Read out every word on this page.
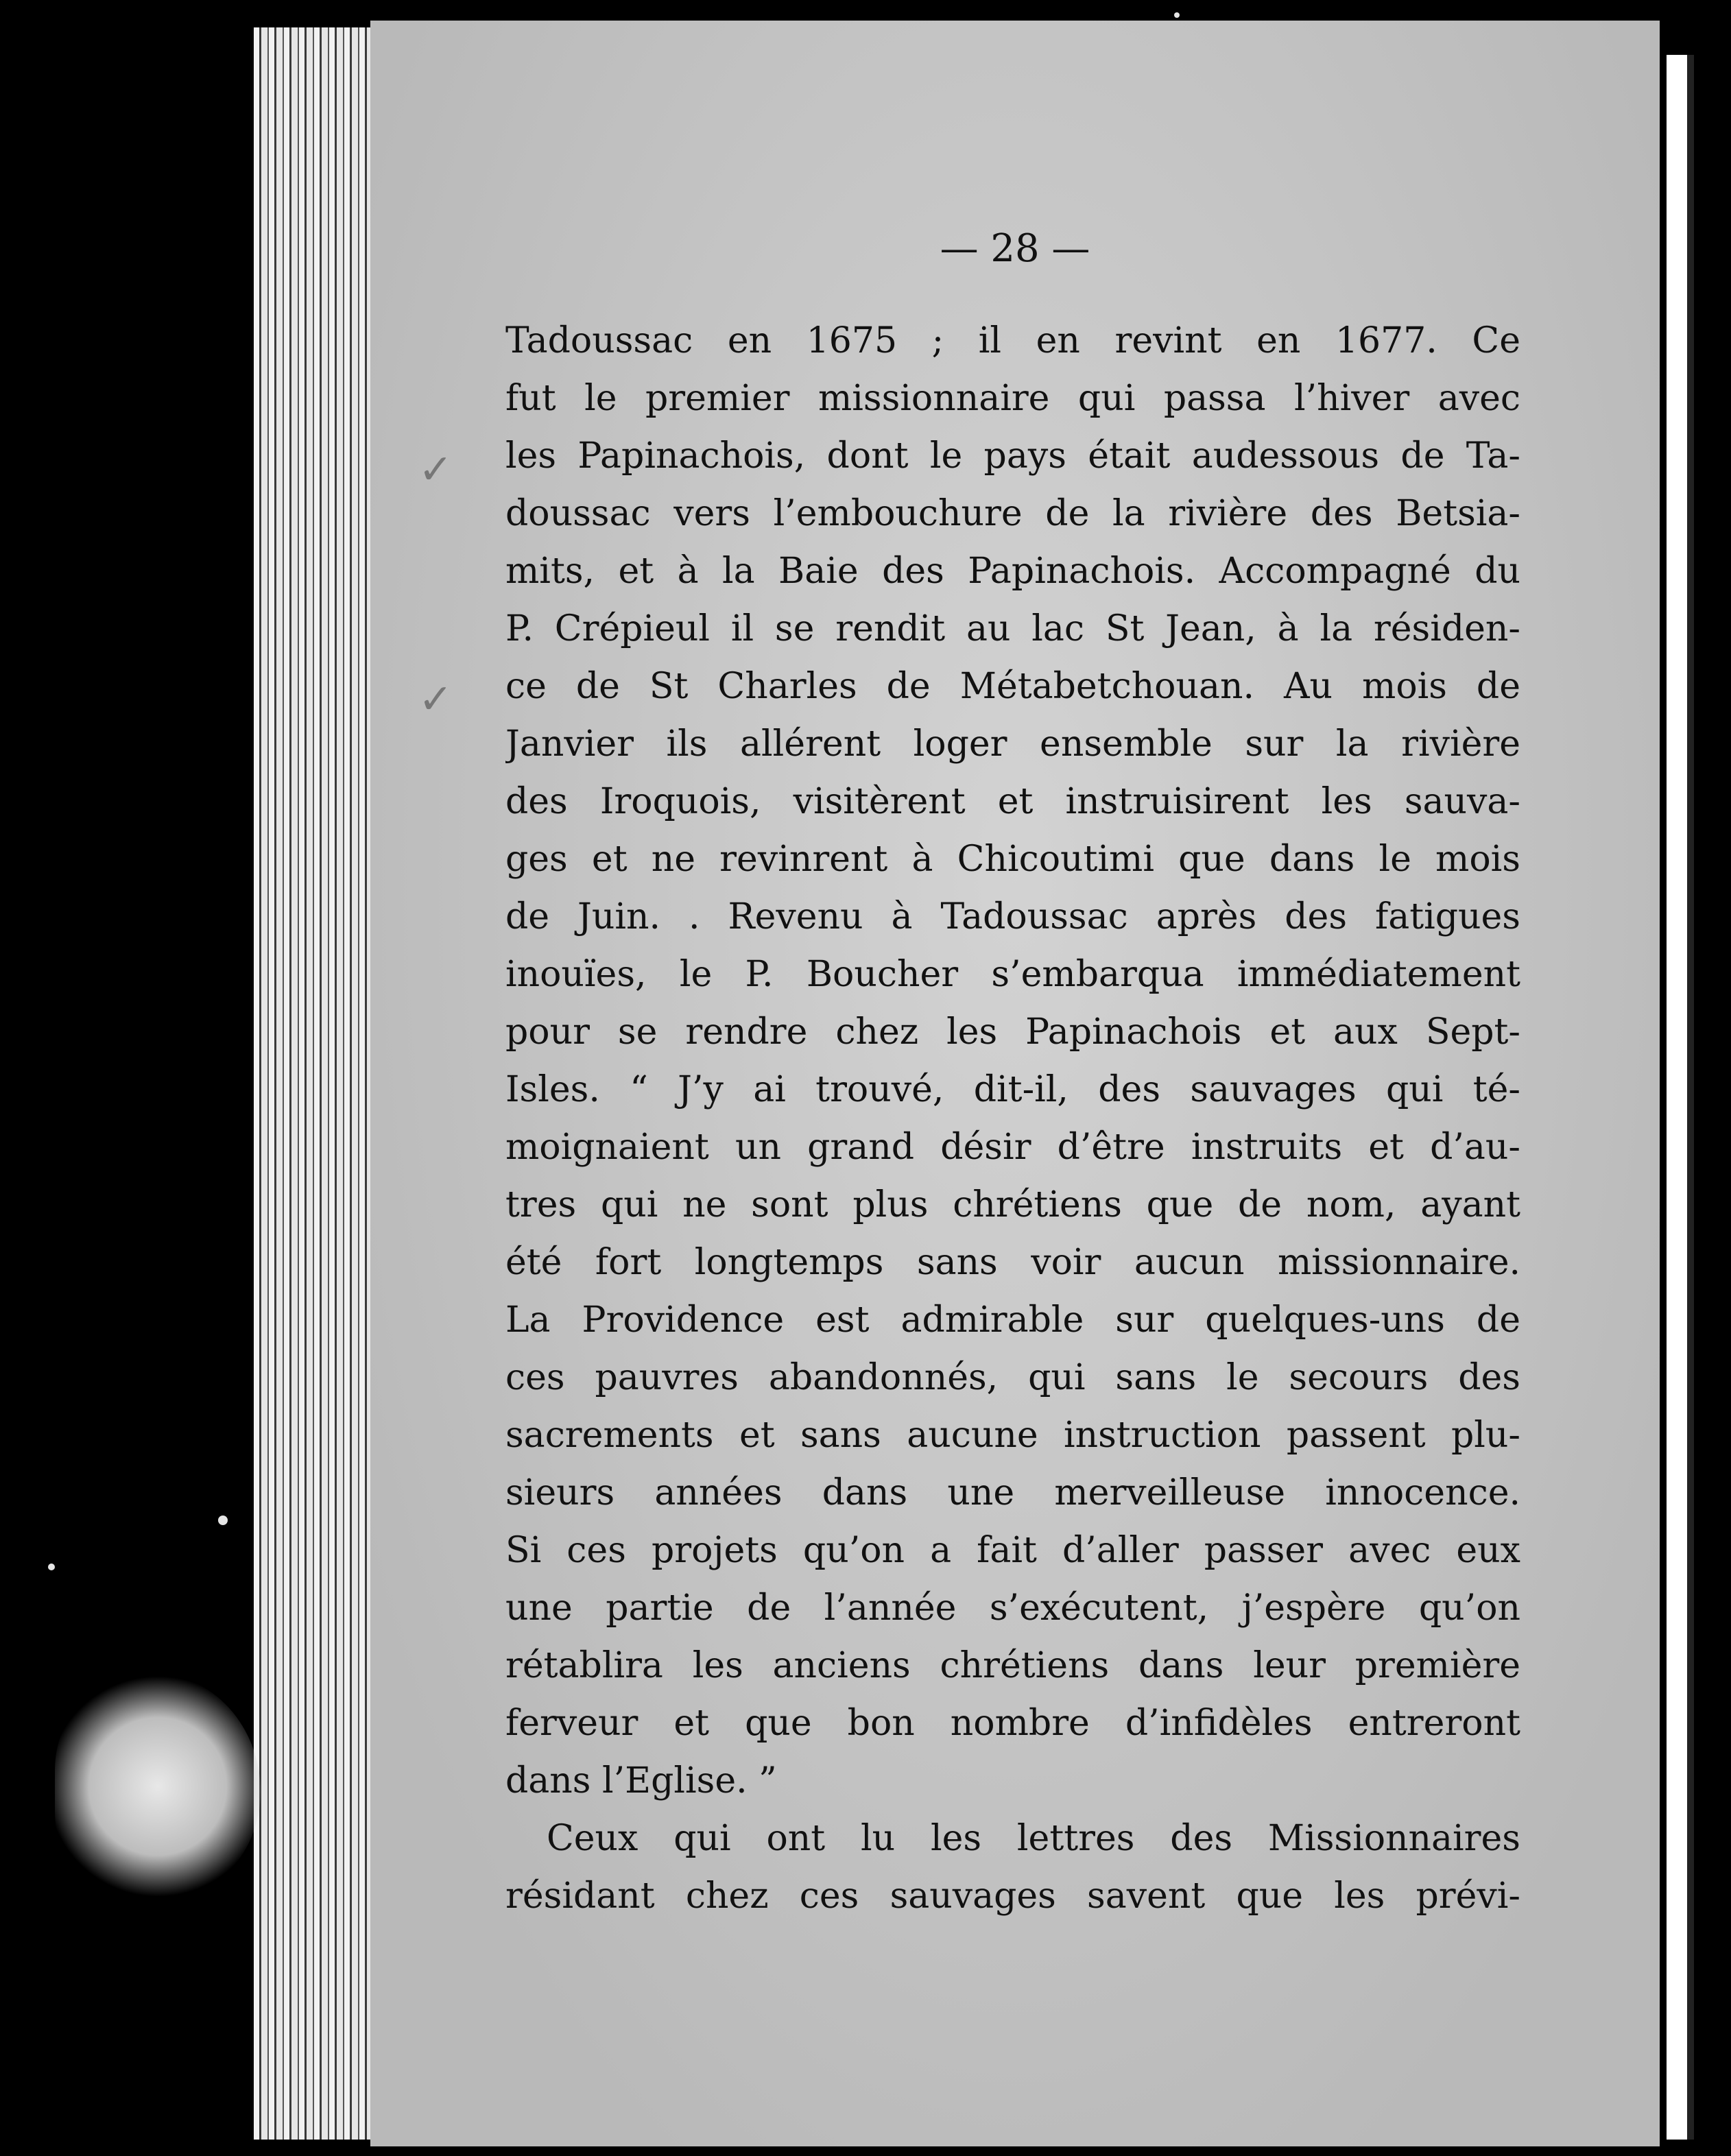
— 28 —
✓
✓
Tadoussac en 1675 ; il en revint en 1677. Ce
fut le premier missionnaire qui passa l’hiver avec
les Papinachois, dont le pays était audessous de Ta-
doussac vers l’embouchure de la rivière des Betsia-
mits, et à la Baie des Papinachois. Accompagné du
P. Crépieul il se rendit au lac St Jean, à la résiden-
ce de St Charles de Métabetchouan. Au mois de
Janvier ils allérent loger ensemble sur la rivière
des Iroquois, visitèrent et instruisirent les sauva-
ges et ne revinrent à Chicoutimi que dans le mois
de Juin. . Revenu à Tadoussac après des fatigues
inouïes, le P. Boucher s’embarqua immédiatement
pour se rendre chez les Papinachois et aux Sept-
Isles. “ J’y ai trouvé, dit-il, des sauvages qui té-
moignaient un grand désir d’être instruits et d’au-
tres qui ne sont plus chrétiens que de nom, ayant
été fort longtemps sans voir aucun missionnaire.
La Providence est admirable sur quelques-uns de
ces pauvres abandonnés, qui sans le secours des
sacrements et sans aucune instruction passent plu-
sieurs années dans une merveilleuse innocence.
Si ces projets qu’on a fait d’aller passer avec eux
une partie de l’année s’exécutent, j’espère qu’on
rétablira les anciens chrétiens dans leur première
ferveur et que bon nombre d’infidèles entreront
dans l’Eglise. ”
Ceux qui ont lu les lettres des Missionnaires
résidant chez ces sauvages savent que les prévi-
